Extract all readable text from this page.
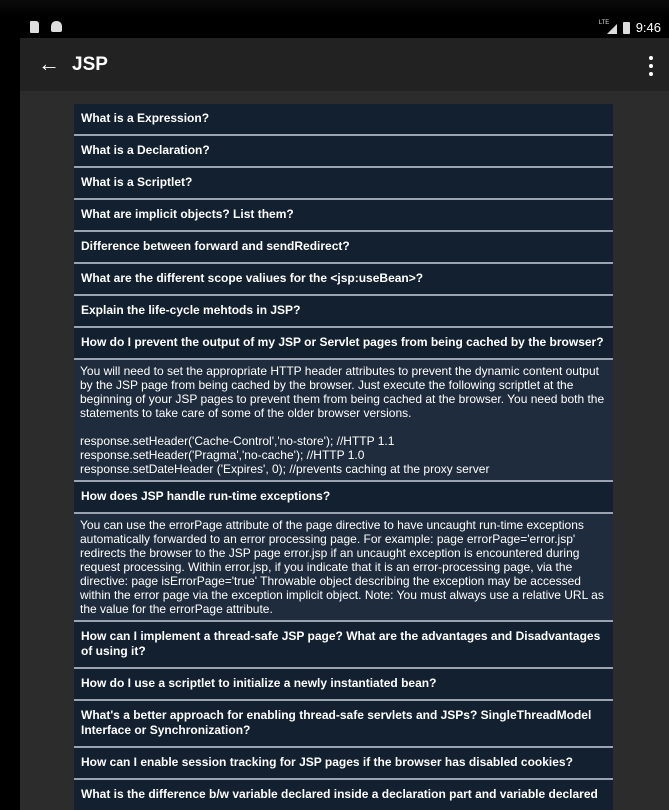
LTE 9:46
← JSP
What is a Expression?
What is a Declaration?
What is a Scriptlet?
What are implicit objects? List them?
Difference between forward and sendRedirect?
What are the different scope valiues for the <jsp:useBean>?
Explain the life-cycle mehtods in JSP?
How do I prevent the output of my JSP or Servlet pages from being cached by the browser?
You will need to set the appropriate HTTP header attributes to prevent the dynamic content output by the JSP page from being cached by the browser. Just execute the following scriptlet at the beginning of your JSP pages to prevent them from being cached at the browser. You need both the statements to take care of some of the older browser versions.

response.setHeader('Cache-Control','no-store'); //HTTP 1.1
response.setHeader('Pragma','no-cache'); //HTTP 1.0
response.setDateHeader ('Expires', 0); //prevents caching at the proxy server
How does JSP handle run-time exceptions?
You can use the errorPage attribute of the page directive to have uncaught run-time exceptions automatically forwarded to an error processing page. For example: page errorPage='error.jsp' redirects the browser to the JSP page error.jsp if an uncaught exception is encountered during request processing. Within error.jsp, if you indicate that it is an error-processing page, via the directive: page isErrorPage='true' Throwable object describing the exception may be accessed within the error page via the exception implicit object. Note: You must always use a relative URL as the value for the errorPage attribute.
How can I implement a thread-safe JSP page? What are the advantages and Disadvantages of using it?
How do I use a scriptlet to initialize a newly instantiated bean?
What's a better approach for enabling thread-safe servlets and JSPs? SingleThreadModel Interface or Synchronization?
How can I enable session tracking for JSP pages if the browser has disabled cookies?
What is the difference b/w variable declared inside a declaration part and variable declared
